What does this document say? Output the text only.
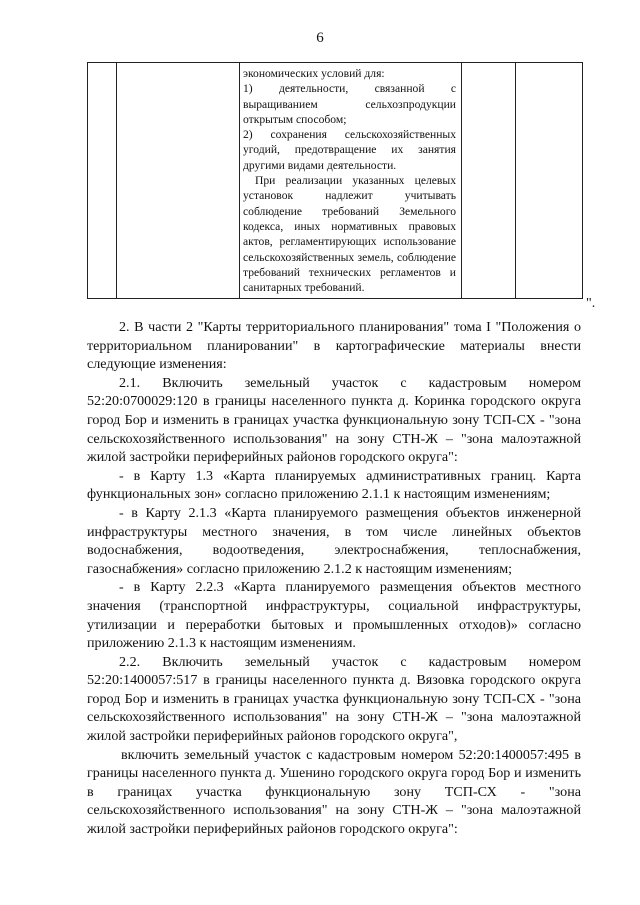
6

экономических условий для:

1) деятельности, связанной с выращиванием сельхозпродукции открытым способом;

2) сохранения сельскохозяйственных угодий, предотвращение их занятия другими видами деятельности.

При реализации указанных целевых установок надлежит учитывать соблюдение требований Земельного кодекса, иных нормативных правовых актов, регламентирующих использование сельскохозяйственных земель, соблюдение требований технических регламентов и санитарных требований.

".

2. В части 2 "Карты территориального планирования" тома I "Положения о территориальном планировании" в картографические материалы внести следующие изменения:

2.1. Включить земельный участок с кадастровым номером 52:20:0700029:120 в границы населенного пункта д. Коринка городского округа город Бор и изменить в границах участка функциональную зону ТСП-СХ - "зона сельскохозяйственного использования" на зону СТН-Ж – "зона малоэтажной жилой застройки периферийных районов городского округа":

- в Карту 1.3 «Карта планируемых административных границ. Карта функциональных зон» согласно приложению 2.1.1 к настоящим изменениям;

- в Карту 2.1.3 «Карта планируемого размещения объектов инженерной инфраструктуры местного значения, в том числе линейных объектов водоснабжения, водоотведения, электроснабжения, теплоснабжения, газоснабжения» согласно приложению 2.1.2 к настоящим изменениям;

- в Карту 2.2.3 «Карта планируемого размещения объектов местного значения (транспортной инфраструктуры, социальной инфраструктуры, утилизации и переработки бытовых и промышленных отходов)» согласно приложению 2.1.3 к настоящим изменениям.

2.2. Включить земельный участок с кадастровым номером 52:20:1400057:517 в границы населенного пункта д. Вязовка городского округа город Бор и изменить в границах участка функциональную зону ТСП-СХ - "зона сельскохозяйственного использования" на зону СТН-Ж – "зона малоэтажной жилой застройки периферийных районов городского округа",

включить земельный участок с кадастровым номером 52:20:1400057:495 в границы населенного пункта д. Ушенино городского округа город Бор и изменить в границах участка функциональную зону ТСП-СХ - "зона сельскохозяйственного использования" на зону СТН-Ж – "зона малоэтажной жилой застройки периферийных районов городского округа":
